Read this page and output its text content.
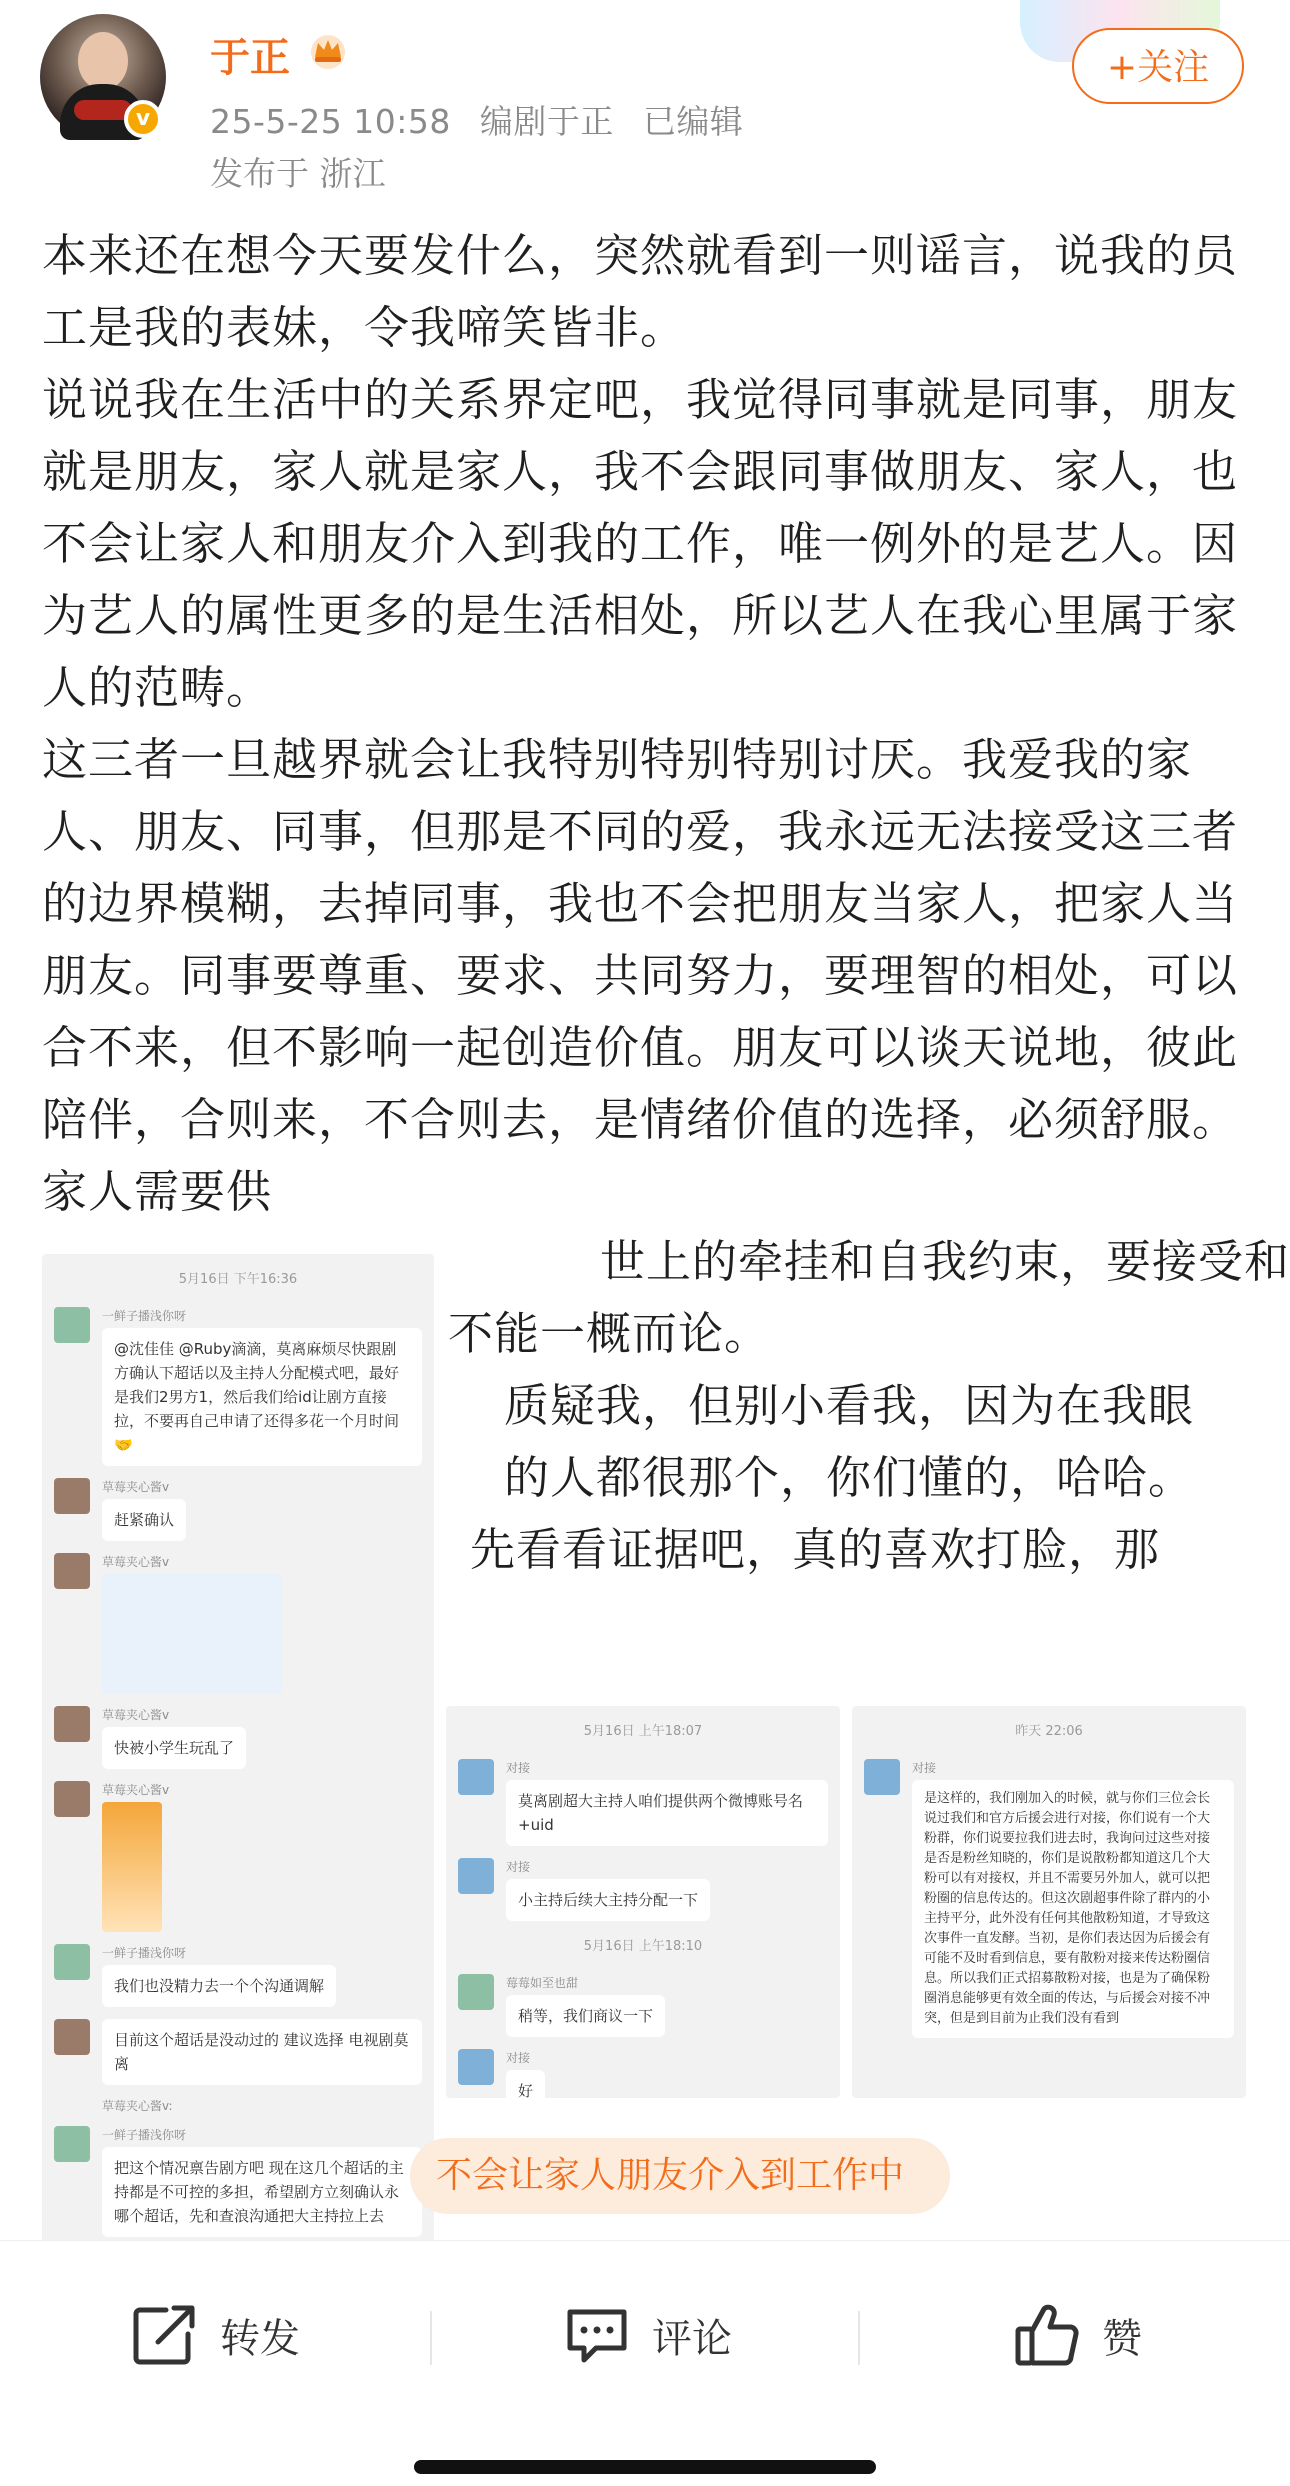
v
于正
25-5-25 10:58 编剧于正 已编辑
发布于 浙江
+关注

本来还在想今天要发什么，突然就看到一则谣言，说我的员工是我的表妹，令我啼笑皆非。

说说我在生活中的关系界定吧，我觉得同事就是同事，朋友就是朋友，家人就是家人，我不会跟同事做朋友、家人，也不会让家人和朋友介入到我的工作，唯一例外的是艺人。因为艺人的属性更多的是生活相处，所以艺人在我心里属于家人的范畴。

这三者一旦越界就会让我特别特别特别讨厌。我爱我的家人、朋友、同事，但那是不同的爱，我永远无法接受这三者的边界模糊，去掉同事，我也不会把朋友当家人，把家人当朋友。同事要尊重、要求、共同努力，要理智的相处，可以合不来，但不影响一起创造价值。朋友可以谈天说地，彼此陪伴，合则来，不合则去，是情绪价值的选择，必须舒服。家人需要供

世上的牵挂和自我约束，要接受和
不能一概而论。
质疑我，但别小看我，因为在我眼
的人都很那个，你们懂的，哈哈。
先看看证据吧，真的喜欢打脸，那
5月16日 下午16:36
一鲜子播浅你呀
@沈佳佳 @Ruby滴滴，莫离麻烦尽快跟剧方确认下超话以及主持人分配模式吧，最好是我们2男方1，然后我们给id让剧方直接拉，不要再自己申请了还得多花一个月时间🤝
草莓夹心酱v
赶紧确认
草莓夹心酱v
草莓夹心酱v
快被小学生玩乱了
草莓夹心酱v
一鲜子播浅你呀
我们也没精力去一个个沟通调解
目前这个超话是没动过的 建议选择 电视剧莫离
草莓夹心酱v:
一鲜子播浅你呀
把这个情况禀告剧方吧 现在这几个超话的主持都是不可控的多担，希望剧方立刻确认永哪个超话，先和查浪沟通把大主持拉上去
5月16日 上午18:07
对接
莫离剧超大主持人咱们提供两个微博账号名 +uid
对接
小主持后续大主持分配一下
5月16日 上午18:10
莓莓如至也甜
稍等，我们商议一下
对接
好
昨天 22:06
对接
是这样的，我们刚加入的时候，就与你们三位会长说过我们和官方后援会进行对接，你们说有一个大粉群，你们说要拉我们进去时，我询问过这些对接是否是粉丝知晓的，你们是说散粉都知道这几个大粉可以有对接权，并且不需要另外加人，就可以把粉圈的信息传达的。但这次剧超事件除了群内的小主持平分，此外没有任何其他散粉知道，才导致这次事件一直发酵。当初，是你们表达因为后援会有可能不及时看到信息，要有散粉对接来传达粉圈信息。所以我们正式招募散粉对接，也是为了确保粉圈消息能够更有效全面的传达，与后援会对接不冲突，但是到目前为止我们没有看到
不会让家人朋友介入到工作中
转发	评论	赞
